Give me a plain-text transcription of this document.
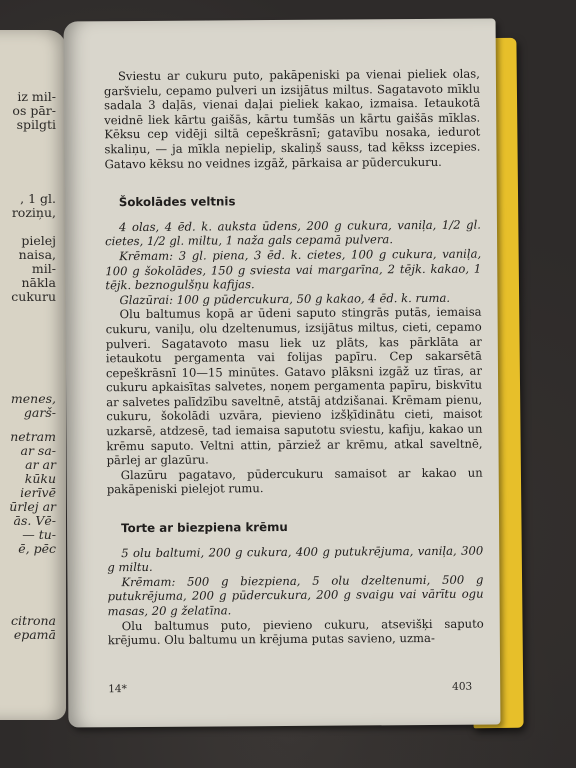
iz mil-
os pār-
spilgti
, 1 gl.
roziņu,
pielej
naisa,
mil-
nākla
cukuru
menes,
garš-
netram
ar sa-
ar ar
kūku
ierīvē
ūrlej ar
ās. Vē-
— tu-
ē, pēc
citrona
epamā

Sviestu ar cukuru puto, pakāpeniski pa vienai pieliek olas, garšvielu, cepamo pulveri un izsijātus miltus. Sagatavoto mīklu sadala 3 daļās, vienai daļai pieliek kakao, izmaisa. Ietaukotā veidnē liek kārtu gaišās, kārtu tumšās un kārtu gaišās mīklas. Kēksu cep vidēji siltā cepeškrāsnī; gatavību nosaka, iedurot skaliņu, — ja mīkla nepielip, skaliņš sauss, tad kēkss izcepies. Gatavo kēksu no veidnes izgāž, pārkaisa ar pūdercukuru.

Šokolādes veltnis

4 olas, 4 ēd. k. auksta ūdens, 200 g cukura, vaniļa, 1/2 gl. cietes, 1/2 gl. miltu, 1 naža gals cepamā pulvera.

Krēmam: 3 gl. piena, 3 ēd. k. cietes, 100 g cukura, vaniļa, 100 g šokolādes, 150 g sviesta vai margarīna, 2 tējk. kakao, 1 tējk. beznogulšņu kafijas.

Glazūrai: 100 g pūdercukura, 50 g kakao, 4 ēd. k. ruma.

Olu baltumus kopā ar ūdeni saputo stingrās putās, iemaisa cukuru, vaniļu, olu dzeltenumus, izsijātus miltus, cieti, cepamo pulveri. Sagatavoto masu liek uz plāts, kas pārklāta ar ietaukotu pergamenta vai folijas papīru. Cep sakarsētā cepeškrāsnī 10—15 minūtes. Gatavo plāksni izgāž uz tīras, ar cukuru apkaisītas salvetes, noņem pergamenta papīru, biskvītu ar salvetes palīdzību saveltnē, atstāj atdzišanai. Krēmam pienu, cukuru, šokolādi uzvāra, pievieno izšķīdinātu cieti, maisot uzkarsē, atdzesē, tad iemaisa saputotu sviestu, kafiju, kakao un krēmu saputo. Veltni attin, pārziež ar krēmu, atkal saveltnē, pārlej ar glazūru.

Glazūru pagatavo, pūdercukuru samaisot ar kakao un pakāpeniski pielejot rumu.

Torte ar biezpiena krēmu

5 olu baltumi, 200 g cukura, 400 g putukrējuma, vaniļa, 300 g miltu.

Krēmam: 500 g biezpiena, 5 olu dzeltenumi, 500 g putukrējuma, 200 g pūdercukura, 200 g svaigu vai vārītu ogu masas, 20 g želatīna.

Olu baltumus puto, pievieno cukuru, atsevišķi saputo krējumu. Olu baltumu un krējuma putas savieno, uzma-

14*	403
